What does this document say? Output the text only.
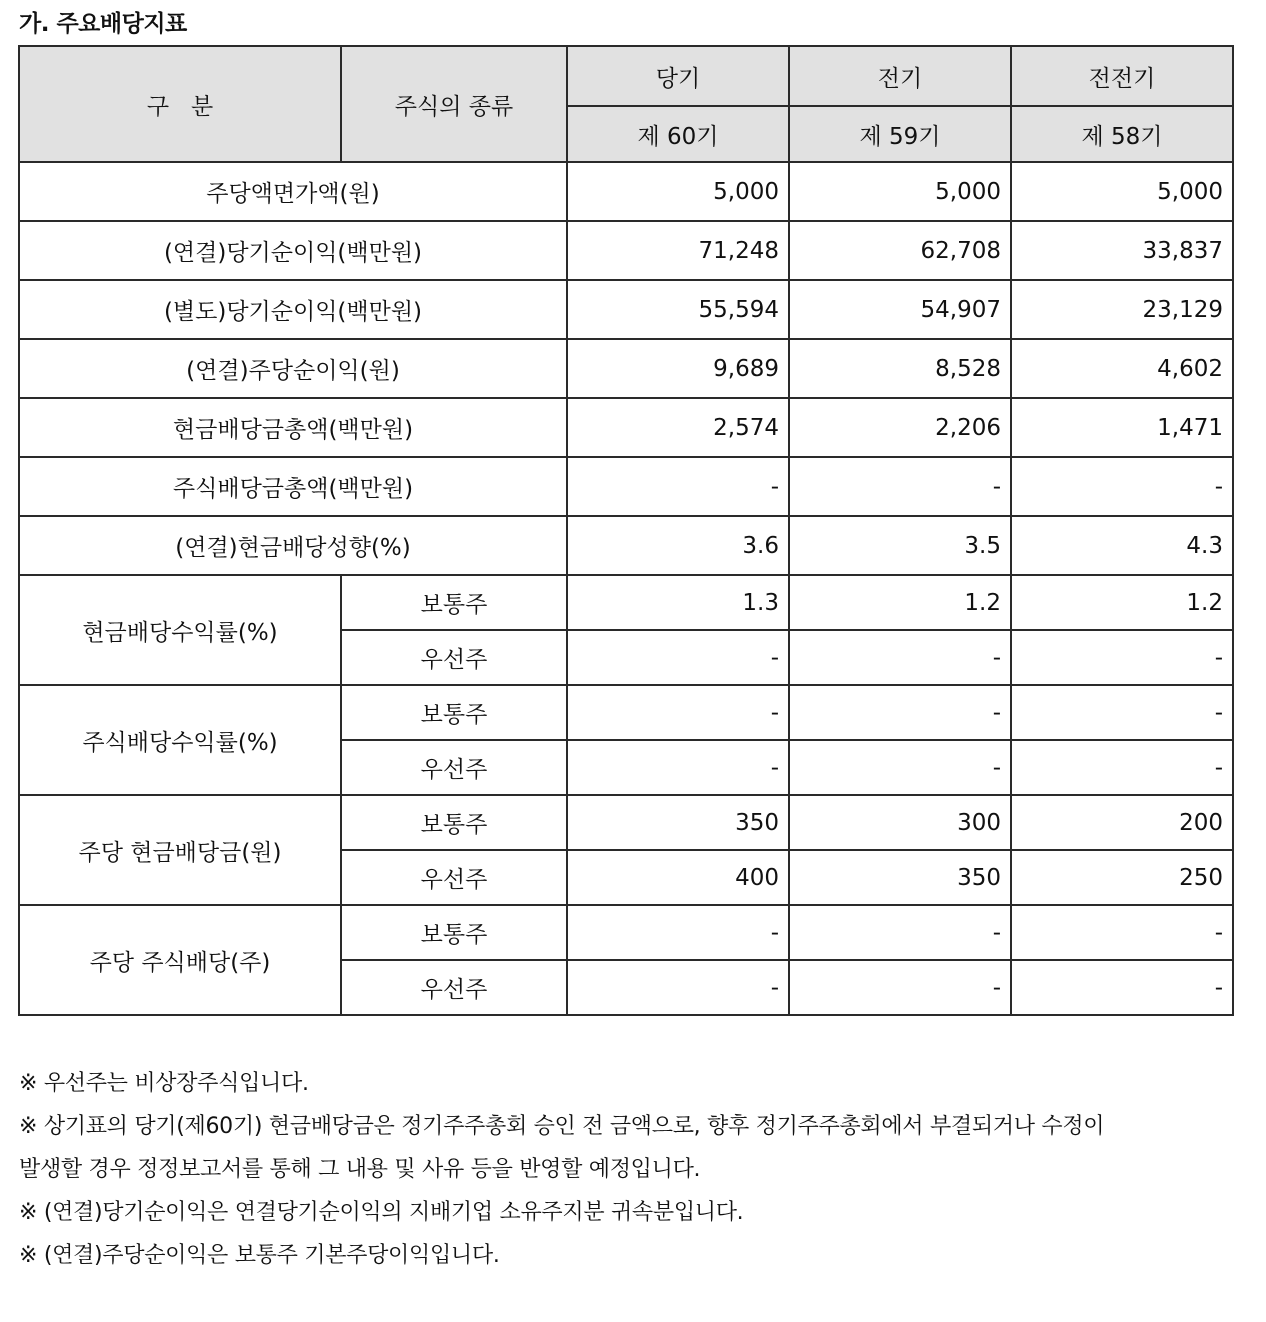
가. 주요배당지표
구   분	주식의 종류	당기	전기	전전기
		제 60기	제 59기	제 58기
주당액면가액(원)		5,000	5,000	5,000
(연결)당기순이익(백만원)		71,248	62,708	33,837
(별도)당기순이익(백만원)		55,594	54,907	23,129
(연결)주당순이익(원)		9,689	8,528	4,602
현금배당금총액(백만원)		2,574	2,206	1,471
주식배당금총액(백만원)		-	-	-
(연결)현금배당성향(%)		3.6	3.5	4.3
현금배당수익률(%)	보통주	1.3	1.2	1.2
	우선주	-	-	-
주식배당수익률(%)	보통주	-	-	-
	우선주	-	-	-
주당 현금배당금(원)	보통주	350	300	200
	우선주	400	350	250
주당 주식배당(주)	보통주	-	-	-
	우선주	-	-	-
※ 우선주는 비상장주식입니다.
※ 상기표의 당기(제60기) 현금배당금은 정기주주총회 승인 전 금액으로, 향후 정기주주총회에서 부결되거나 수정이
발생할 경우 정정보고서를 통해 그 내용 및 사유 등을 반영할 예정입니다.
※ (연결)당기순이익은 연결당기순이익의 지배기업 소유주지분 귀속분입니다.
※ (연결)주당순이익은 보통주 기본주당이익입니다.
